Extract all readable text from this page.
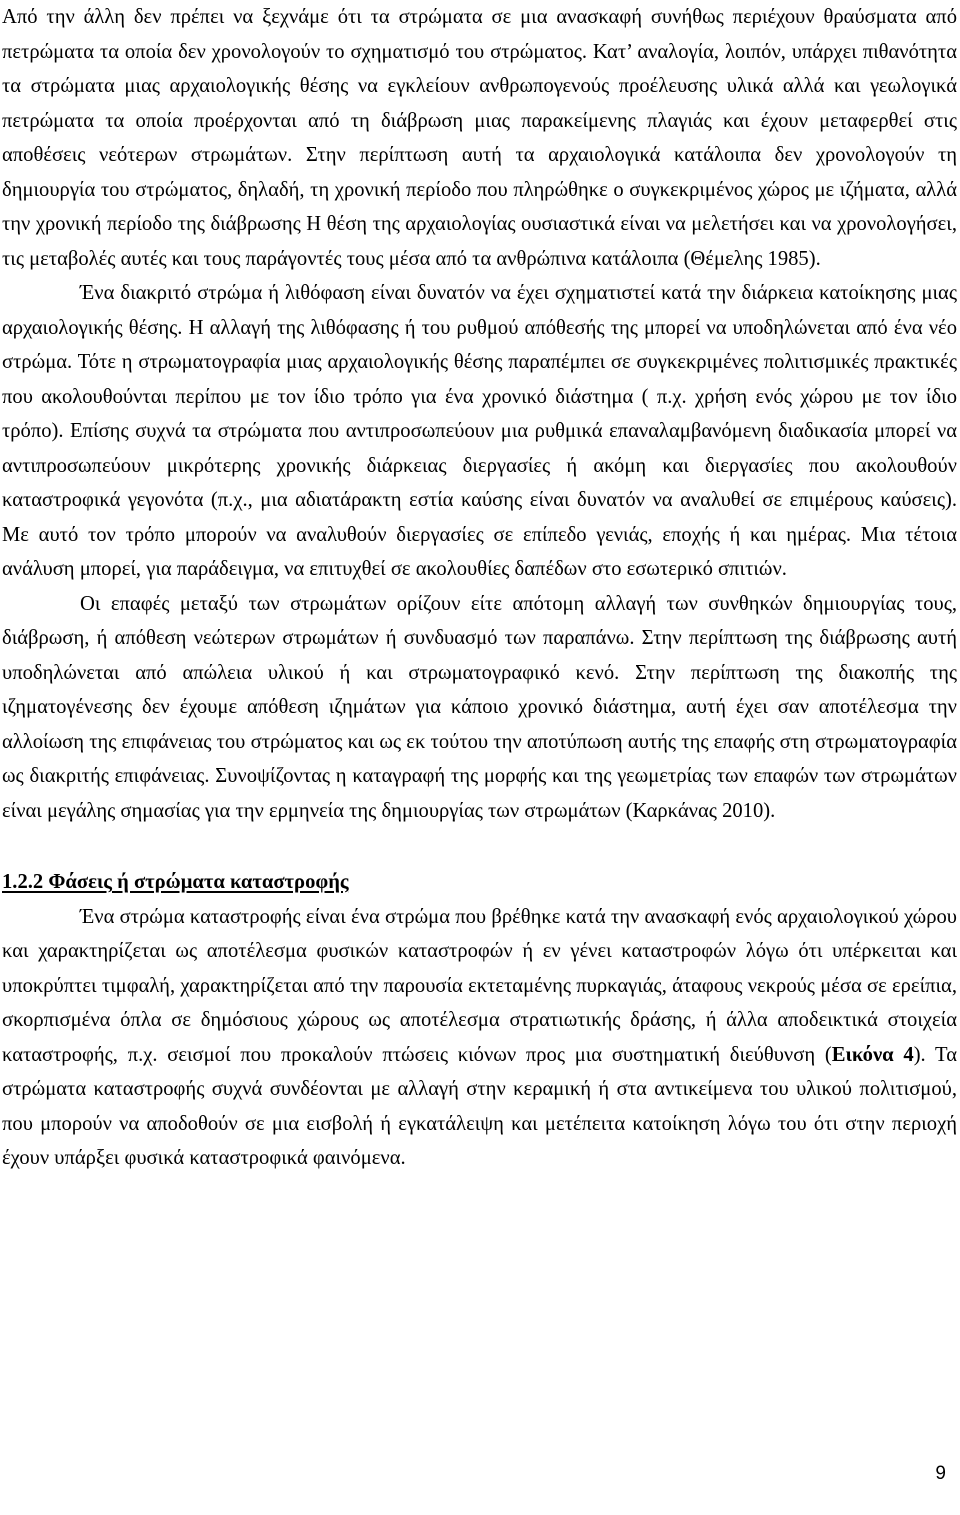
Από την άλλη δεν πρέπει να ξεχνάμε ότι τα στρώματα σε μια ανασκαφή συνήθως περιέχουν θραύσματα από πετρώματα τα οποία δεν χρονολογούν το σχηματισμό του στρώματος. Κατ’ αναλογία, λοιπόν, υπάρχει πιθανότητα τα στρώματα μιας αρχαιολογικής θέσης να εγκλείουν ανθρωπογενούς προέλευσης υλικά αλλά και γεωλογικά πετρώματα τα οποία προέρχονται από τη διάβρωση μιας παρακείμενης πλαγιάς και έχουν μεταφερθεί στις αποθέσεις νεότερων στρωμάτων. Στην περίπτωση αυτή τα αρχαιολογικά κατάλοιπα δεν χρονολογούν τη δημιουργία του στρώματος, δηλαδή, τη χρονική περίοδο που πληρώθηκε ο συγκεκριμένος χώρος με ιζήματα, αλλά την χρονική περίοδο της διάβρωσης Η θέση της αρχαιολογίας ουσιαστικά είναι να μελετήσει και να χρονολογήσει, τις μεταβολές αυτές και τους παράγοντές τους μέσα από τα ανθρώπινα κατάλοιπα (Θέμελης 1985).

Ένα διακριτό στρώμα ή λιθόφαση είναι δυνατόν να έχει σχηματιστεί κατά την διάρκεια κατοίκησης μιας αρχαιολογικής θέσης. Η αλλαγή της λιθόφασης ή του ρυθμού απόθεσής της μπορεί να υποδηλώνεται από ένα νέο στρώμα. Τότε η στρωματογραφία μιας αρχαιολογικής θέσης παραπέμπει σε συγκεκριμένες πολιτισμικές πρακτικές που ακολουθούνται περίπου με τον ίδιο τρόπο για ένα χρονικό διάστημα ( π.χ. χρήση ενός χώρου με τον ίδιο τρόπο). Επίσης συχνά τα στρώματα που αντιπροσωπεύουν μια ρυθμικά επαναλαμβανόμενη διαδικασία μπορεί να αντιπροσωπεύουν μικρότερης χρονικής διάρκειας διεργασίες ή ακόμη και διεργασίες που ακολουθούν καταστροφικά γεγονότα (π.χ., μια αδιατάρακτη εστία καύσης είναι δυνατόν να αναλυθεί σε επιμέρους καύσεις). Με αυτό τον τρόπο μπορούν να αναλυθούν διεργασίες σε επίπεδο γενιάς, εποχής ή και ημέρας. Μια τέτοια ανάλυση μπορεί, για παράδειγμα, να επιτυχθεί σε ακολουθίες δαπέδων στο εσωτερικό σπιτιών.

Οι επαφές μεταξύ των στρωμάτων ορίζουν είτε απότομη αλλαγή των συνθηκών δημιουργίας τους, διάβρωση, ή απόθεση νεώτερων στρωμάτων ή συνδυασμό των παραπάνω. Στην περίπτωση της διάβρωσης αυτή υποδηλώνεται από απώλεια υλικού ή και στρωματογραφικό κενό. Στην περίπτωση της διακοπής της ιζηματογένεσης δεν έχουμε απόθεση ιζημάτων για κάποιο χρονικό διάστημα, αυτή έχει σαν αποτέλεσμα την αλλοίωση της επιφάνειας του στρώματος και ως εκ τούτου την αποτύπωση αυτής της επαφής στη στρωματογραφία ως διακριτής επιφάνειας. Συνοψίζοντας η καταγραφή της μορφής και της γεωμετρίας των επαφών των στρωμάτων είναι μεγάλης σημασίας για την ερμηνεία της δημιουργίας των στρωμάτων (Καρκάνας 2010).

1.2.2 Φάσεις ή στρώματα καταστροφής

Ένα στρώμα καταστροφής είναι ένα στρώμα που βρέθηκε κατά την ανασκαφή ενός αρχαιολογικού χώρου και χαρακτηρίζεται ως αποτέλεσμα φυσικών καταστροφών ή εν γένει καταστροφών λόγω ότι υπέρκειται και υποκρύπτει τιμφαλή, χαρακτηρίζεται από την παρουσία εκτεταμένης πυρκαγιάς, άταφους νεκρούς μέσα σε ερείπια, σκορπισμένα όπλα σε δημόσιους χώρους ως αποτέλεσμα στρατιωτικής δράσης, ή άλλα αποδεικτικά στοιχεία καταστροφής, π.χ. σεισμοί που προκαλούν πτώσεις κιόνων προς μια συστηματική διεύθυνση (Εικόνα 4). Τα στρώματα καταστροφής συχνά συνδέονται με αλλαγή στην κεραμική ή στα αντικείμενα του υλικού πολιτισμού, που μπορούν να αποδοθούν σε μια εισβολή ή εγκατάλειψη και μετέπειτα κατοίκηση λόγω του ότι στην περιοχή έχουν υπάρξει φυσικά καταστροφικά φαινόμενα.

9
